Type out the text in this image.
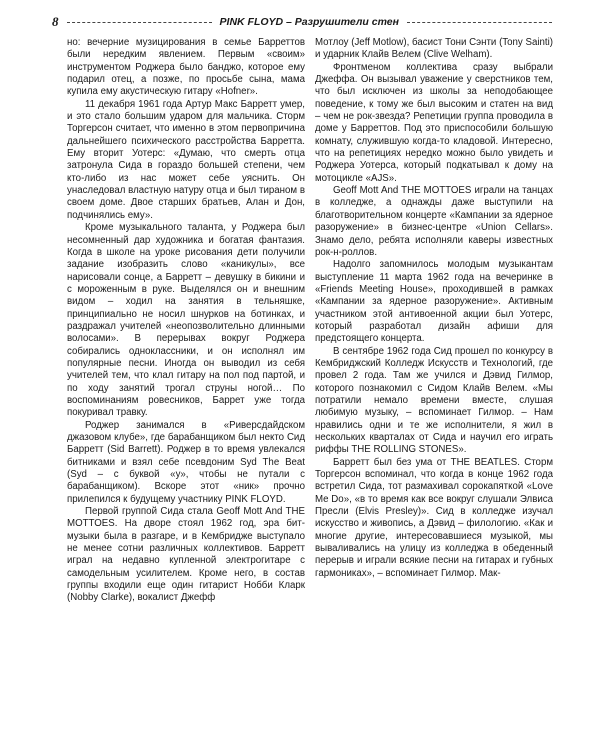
8	PINK FLOYD – Разрушители стен

но: вечерние музицирования в семье Барреттов были нередким явлением. Первым «своим» инструментом Роджера было банджо, которое ему подарил отец, а позже, по просьбе сына, мама купила ему акустическую гитару «Hofner».

11 декабря 1961 года Артур Макс Барретт умер, и это стало большим ударом для мальчика. Сторм Торгерсон считает, что именно в этом первопричина дальнейшего психического расстройства Барретта. Ему вторит Уотерс: «Думаю, что смерть отца затронула Сида в гораздо большей степени, чем кто-либо из нас может себе уяснить. Он унаследовал властную натуру отца и был тираном в своем доме. Двое старших братьев, Алан и Дон, подчинялись ему».

Кроме музыкального таланта, у Роджера был несомненный дар художника и богатая фантазия. Когда в школе на уроке рисования дети получили задание изобразить слово «каникулы», все нарисовали сонце, а Барретт – девушку в бикини и с мороженным в руке. Выделялся он и внешним видом – ходил на занятия в тельняшке, принципиально не носил шнурков на ботинках, и раздражал учителей «неопозволительно длинными волосами». В перерывах вокруг Роджера собирались одноклассники, и он исполнял им популярные песни. Иногда он выводил из себя учителей тем, что клал гитару на пол под партой, и по ходу занятий трогал струны ногой… По воспоминаниям ровесников, Баррет уже тогда покуривал травку.

Роджер занимался в «Риверсдайдском джазовом клубе», где барабанщиком был некто Сид Барретт (Sid Barrett). Роджер в то время увлекался битниками и взял себе псевдоним Syd The Beat (Syd – с буквой «y», чтобы не путали с барабанщиком). Вскоре этот «ник» прочно прилепился к будущему участнику PINK FLOYD.

Первой группой Сида стала Geoff Mott And THE MOTTOES. На дворе стоял 1962 год, эра бит-музыки была в разгаре, и в Кембридже выступало не менее сотни различных коллективов. Барретт играл на недавно купленной электрогитаре с самодельным усилителем. Кроме него, в состав группы входили еще один гитарист Нобби Кларк (Nobby Clarke), вокалист Джефф

Мотлоу (Jeff Motlow), басист Тони Сэнти (Tony Sainti) и ударник Клайв Велем (Clive Welham).

Фронтменом коллектива сразу выбрали Джеффа. Он вызывал уважение у сверстников тем, что был исключен из школы за неподобающее поведение, к тому же был высоким и статен на вид – чем не рок-звезда? Репетиции группа проводила в доме у Барреттов. Под это приспособили большую комнату, служившую когда-то кладовой. Интересно, что на репетициях нередко можно было увидеть и Роджера Уотерса, который подкатывал к дому на мотоцикле «AJS».

Geoff Mott And THE MOTTOES играли на танцах в колледже, а однажды даже выступили на благотворительном концерте «Кампании за ядерное разоружение» в бизнес-центре «Union Cellars». Знамо дело, ребята исполняли каверы известных рок-н-роллов.

Надолго запомнилось молодым музыкантам выступление 11 марта 1962 года на вечеринке в «Friends Meeting House», проходившей в рамках «Кампании за ядерное разоружение». Активным участником этой антивоенной акции был Уотерс, который разработал дизайн афиши для предстоящего концерта.

В сентябре 1962 года Сид прошел по конкурсу в Кембриджский Колледж Искусств и Технологий, где провел 2 года. Там же учился и Дэвид Гилмор, которого познакомил с Сидом Клайв Велем. «Мы потратили немало времени вместе, слушая любимую музыку, – вспоминает Гилмор. – Нам нравились одни и те же исполнители, я жил в нескольких кварталах от Сида и научил его играть риффы THE ROLLING STONES».

Барретт был без ума от THE BEATLES. Сторм Торгерсон вспоминал, что когда в конце 1962 года встретил Сида, тот размахивал сорокапяткой «Love Me Do», «в то время как все вокруг слушали Элвиса Пресли (Elvis Presley)». Сид в колледже изучал искусство и живопись, а Дэвид – филологию. «Как и многие другие, интересовавшиеся музыкой, мы вываливались на улицу из колледжа в обеденный перерыв и играли всякие песни на гитарах и губных гармониках», – вспоминает Гилмор. Мак-
